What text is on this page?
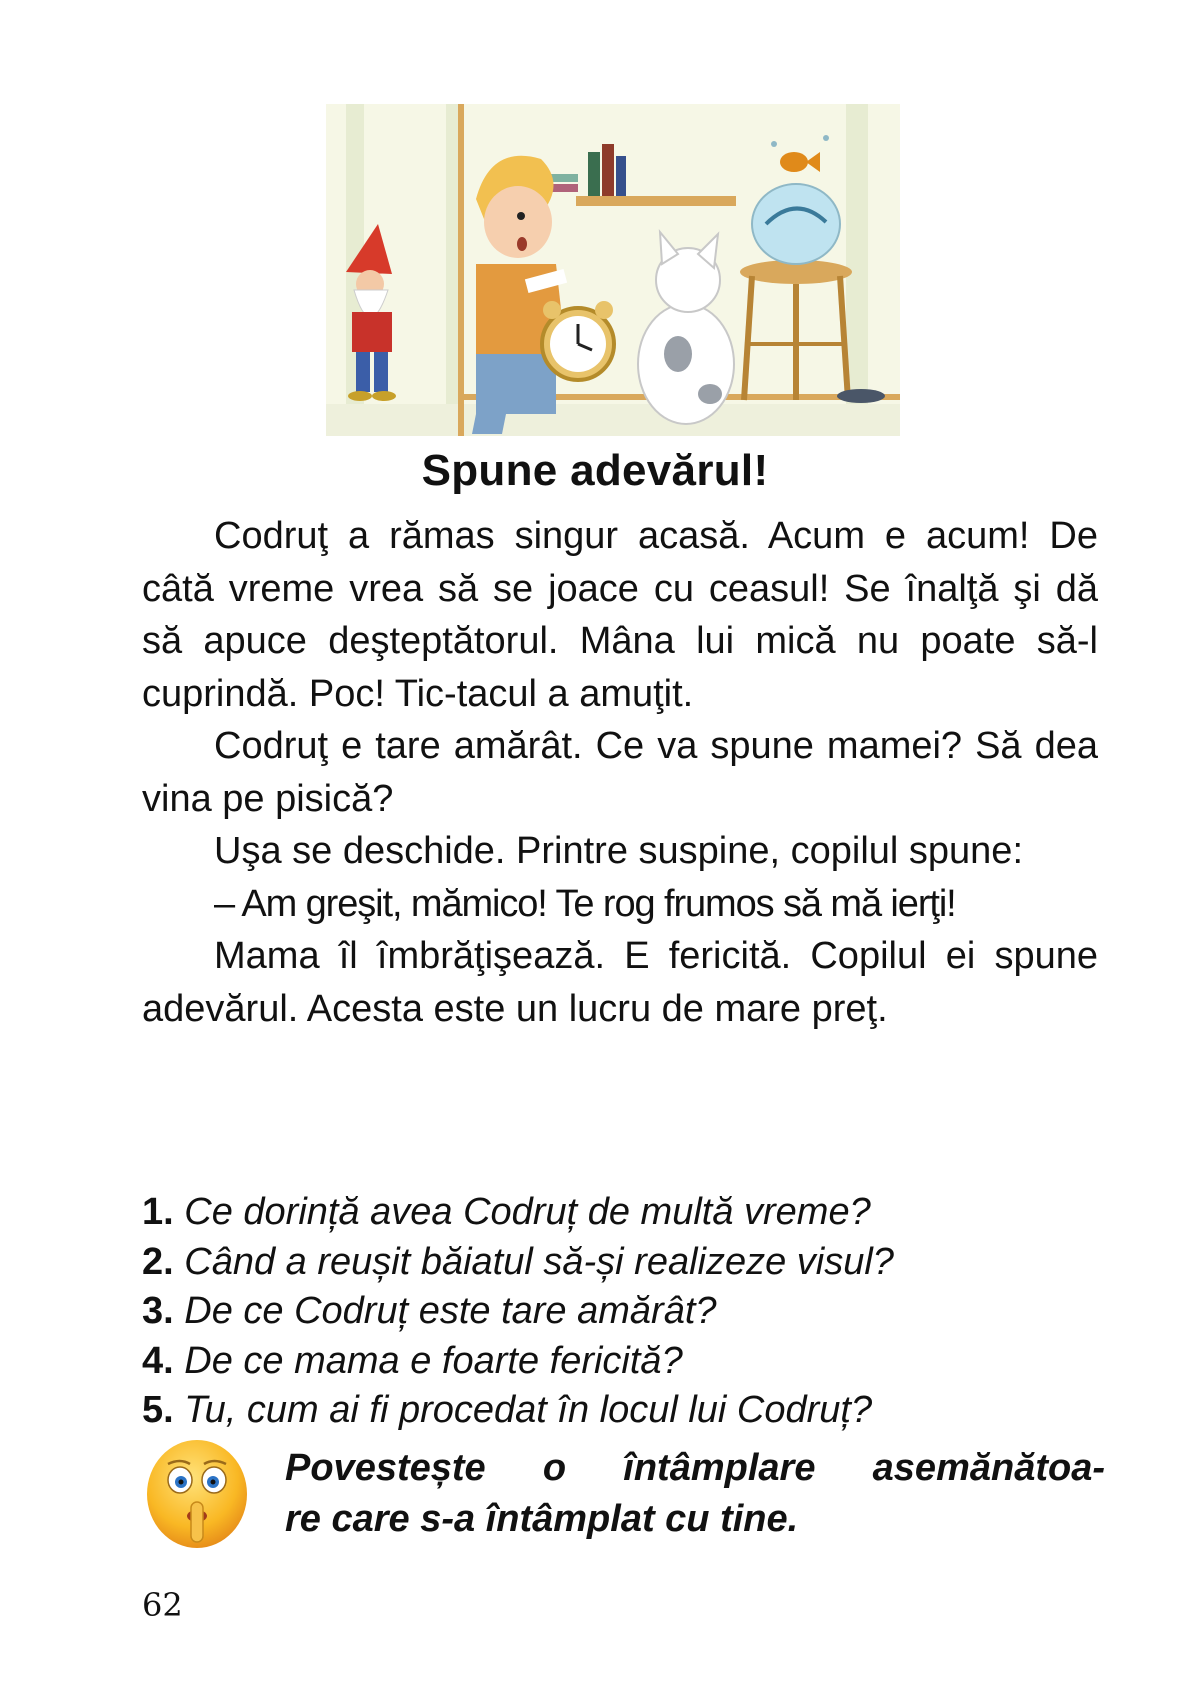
Spune adevărul!

Codruţ a rămas singur acasă. Acum e acum! De câtă vreme vrea să se joace cu ceasul! Se înalţă şi dă să apuce deşteptătorul. Mâna lui mică nu poate să-l cuprindă. Poc! Tic-tacul a amuţit.

Codruţ e tare amărât. Ce va spune mamei? Să dea vina pe pisică?

Uşa se deschide. Printre suspine, copilul spune:

– Am greşit, mămico! Te rog frumos să mă ierţi!

Mama îl îmbrăţişează. E fericită. Copilul ei spune adevărul. Acesta este un lucru de mare preţ.

1. Ce dorință avea Codruț de multă vreme?
2. Când a reușit băiatul să-și realizeze visul?
3. De ce Codruț este tare amărât?
4. De ce mama e foarte fericită?
5. Tu, cum ai fi procedat în locul lui Codruț?
Povestește o întâmplare asemănătoa-
re care s-a întâmplat cu tine.
62
